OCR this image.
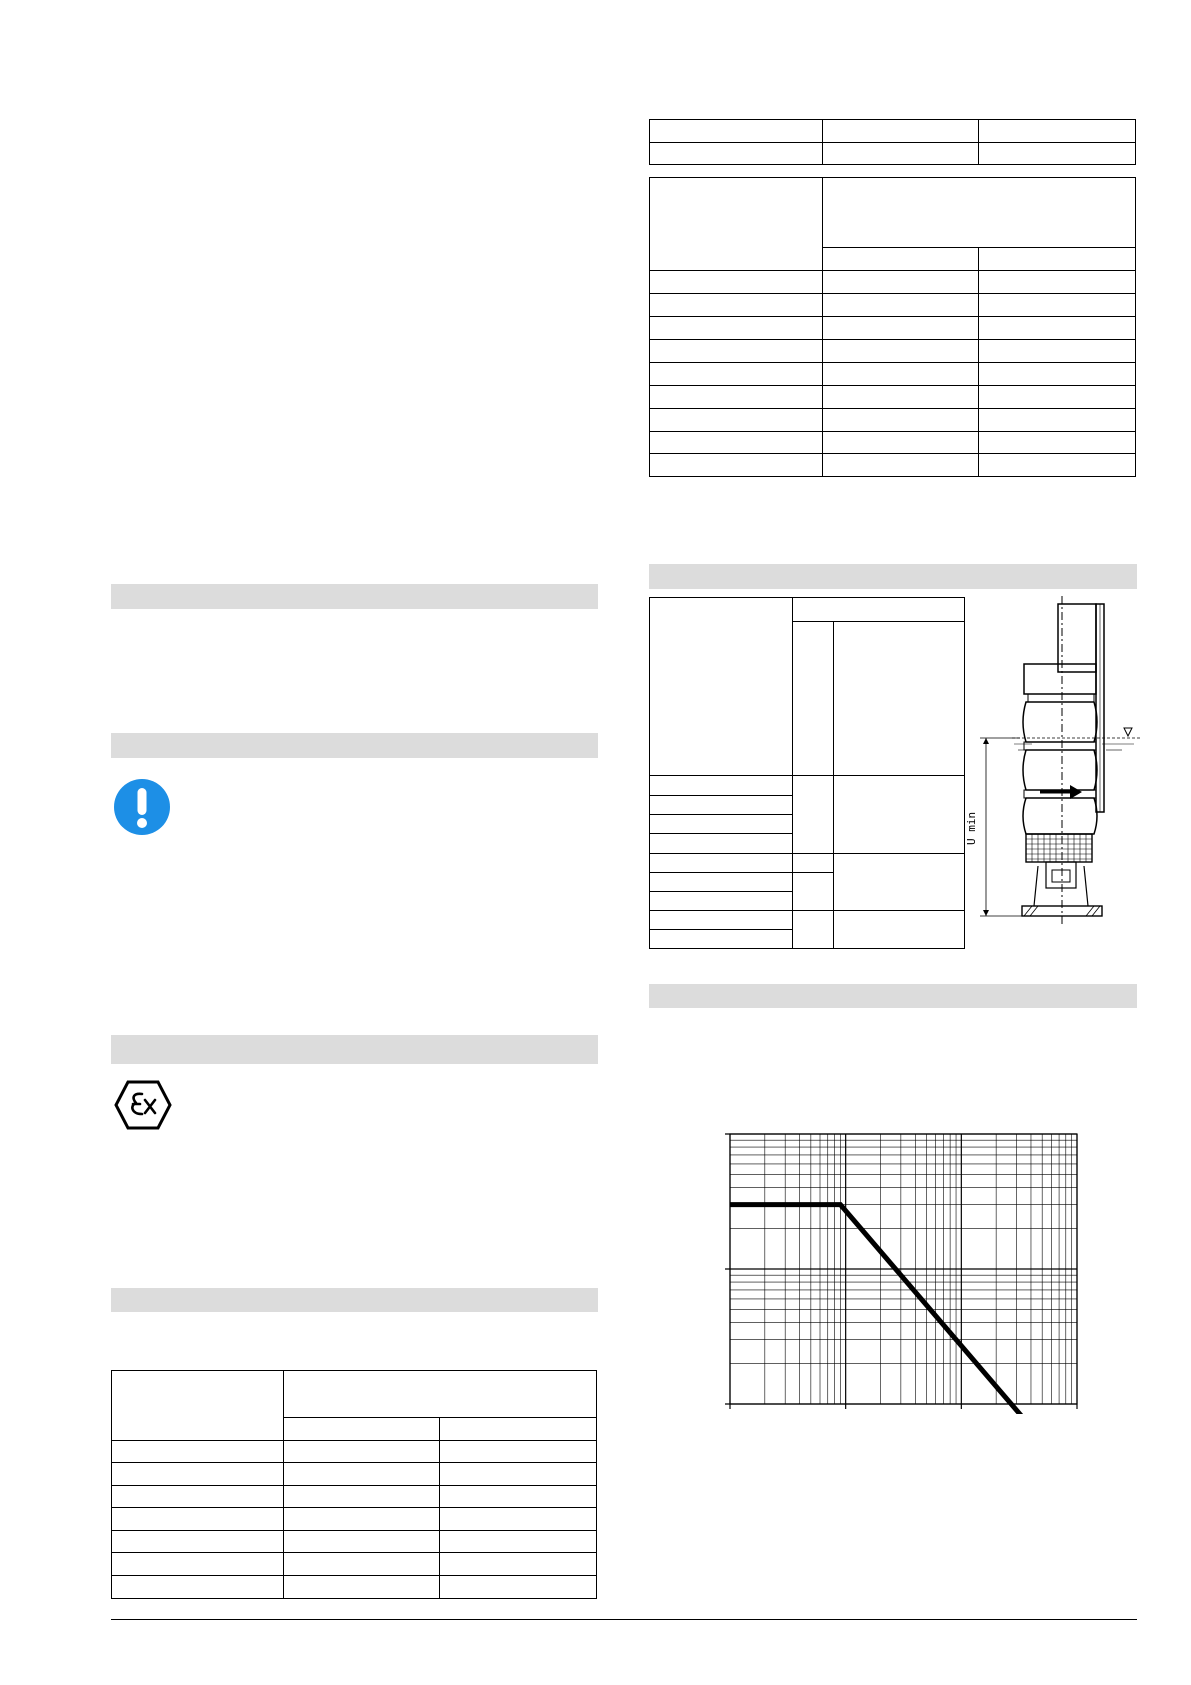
U min
